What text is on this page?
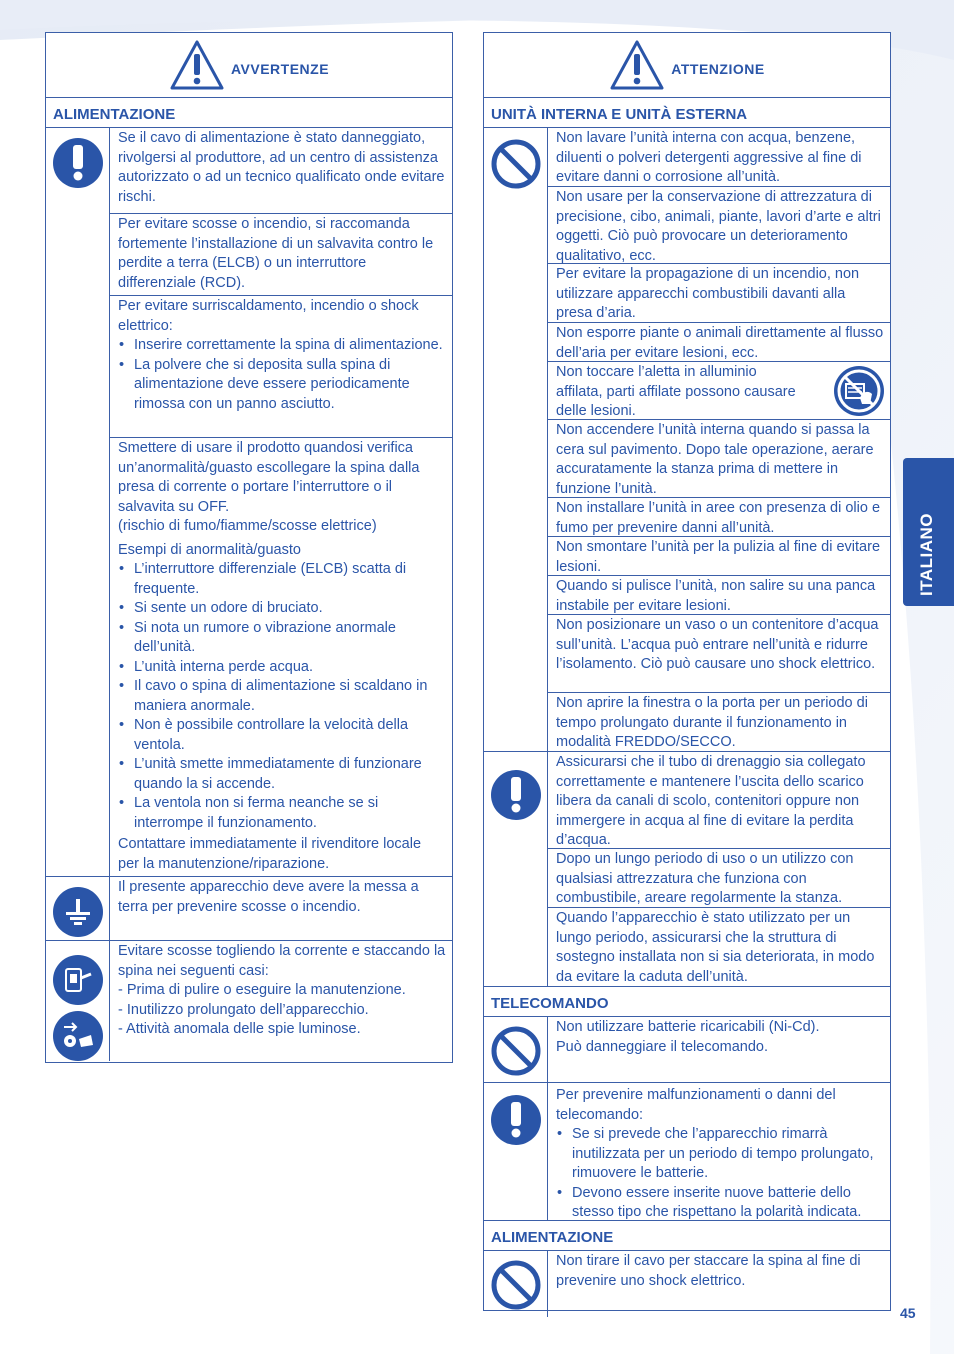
AVVERTENZE
ALIMENTAZIONE

Se il cavo di alimentazione è stato danneggiato, rivolgersi al produttore, ad un centro di assistenza autorizzato o ad un tecnico qualificato onde evitare rischi.

Per evitare scosse o incendio, si raccomanda fortemente l’installazione di un salvavita contro le perdite a terra (ELCB) o un interruttore differenziale (RCD).

Per evitare surriscaldamento, incendio o shock elettrico:

• Inserire correttamente la spina di alimentazione.
• La polvere che si deposita sulla spina di alimentazione deve essere periodicamente rimossa con un panno asciutto.

Smettere di usare il prodotto quandosi verifica un’anormalità/guasto escollegare la spina dalla presa di corrente o portare l’interruttore o il salvavita su OFF.

(rischio di fumo/fiamme/scosse elettrice)

Esempi di anormalità/guasto

• L’interruttore differenziale (ELCB) scatta di frequente.
• Si sente un odore di bruciato.
• Si nota un rumore o vibrazione anormale dell’unità.
• L’unità interna perde acqua.
• Il cavo o spina di alimentazione si scaldano in maniera anormale.
• Non è possibile controllare la velocità della ventola.
• L’unità smette immediatamente di funzionare quando la si accende.
• La ventola non si ferma neanche se si interrompe il funzionamento.

Contattare immediatamente il rivenditore locale per la manutenzione/riparazione.

Il presente apparecchio deve avere la messa a terra per prevenire scosse o incendio.

Evitare scosse togliendo la corrente e staccando la spina nei seguenti casi:

- Prima di pulire o eseguire la manutenzione.

- Inutilizzo prolungato dell’apparecchio.

- Attività anomala delle spie luminose.

ATTENZIONE
UNITÀ INTERNA E UNITÀ ESTERNA

Non lavare l’unità interna con acqua, benzene, diluenti o polveri detergenti aggressive al fine di evitare danni o corrosione all’unità.

Non usare per la conservazione di attrezzatura di precisione, cibo, animali, piante, lavori d’arte e altri oggetti. Ciò può provocare un deterioramento qualitativo, ecc.

Per evitare la propagazione di un incendio, non utilizzare apparecchi combustibili davanti alla presa d’aria.

Non esporre piante o animali direttamente al flusso dell’aria per evitare lesioni, ecc.

Non toccare l’aletta in alluminio affilata, parti affilate possono causare delle lesioni.

Non accendere l’unità interna quando si passa la cera sul pavimento. Dopo tale operazione, aerare accuratamente la stanza prima di mettere in funzione l’unità.

Non installare l’unità in aree con presenza di olio e fumo per prevenire danni all’unità.

Non smontare l’unità per la pulizia al fine di evitare lesioni.

Quando si pulisce l’unità, non salire su una panca instabile per evitare lesioni.

Non posizionare un vaso o un contenitore d’acqua sull’unità. L’acqua può entrare nell’unità e ridurre l’isolamento. Ciò può causare uno shock elettrico.

Non aprire la finestra o la porta per un periodo di tempo prolungato durante il funzionamento in modalità FREDDO/SECCO.

Assicurarsi che il tubo di drenaggio sia collegato correttamente e mantenere l’uscita dello scarico libera da canali di scolo, contenitori oppure non immergere in acqua al fine di evitare la perdita d’acqua.

Dopo un lungo periodo di uso o un utilizzo con qualsiasi attrezzatura che funziona con combustibile, areare regolarmente la stanza.

Quando l’apparecchio è stato utilizzato per un lungo periodo, assicurarsi che la struttura di sostegno installata non si sia deteriorata, in modo da evitare la caduta dell’unità.

TELECOMANDO

Non utilizzare batterie ricaricabili (Ni-Cd).

Può danneggiare il telecomando.

Per prevenire malfunzionamenti o danni del telecomando:

• Se si prevede che l’apparecchio rimarrà inutilizzata per un periodo di tempo prolungato, rimuovere le batterie.
• Devono essere inserite nuove batterie dello stesso tipo che rispettano la polarità indicata.
ALIMENTAZIONE

Non tirare il cavo per staccare la spina al fine di prevenire uno shock elettrico.

ITALIANO
45
